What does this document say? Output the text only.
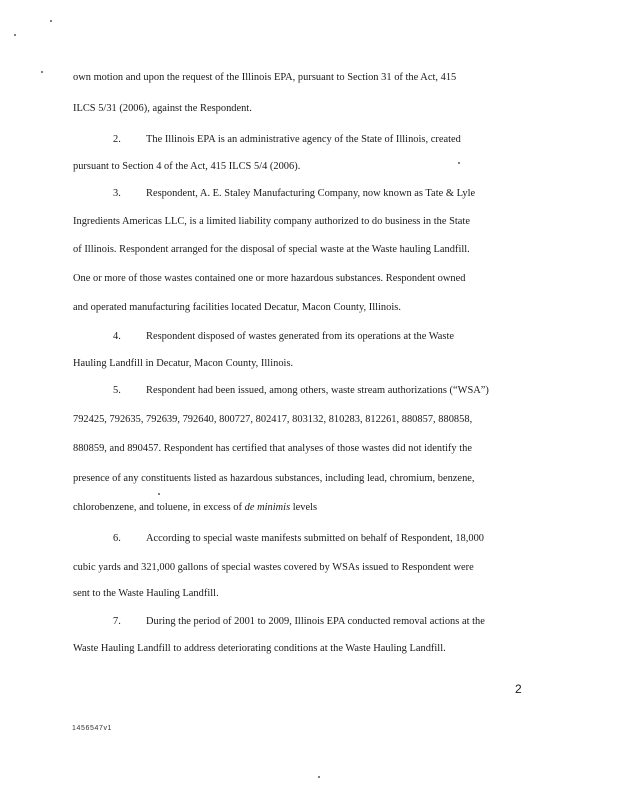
own motion and upon the request of the Illinois EPA, pursuant to Section 31 of the Act, 415
ILCS 5/31 (2006), against the Respondent.
2. The Illinois EPA is an administrative agency of the State of Illinois, created
pursuant to Section 4 of the Act, 415 ILCS 5/4 (2006).
3. Respondent, A. E. Staley Manufacturing Company, now known as Tate & Lyle
Ingredients Americas LLC, is a limited liability company authorized to do business in the State
of Illinois. Respondent arranged for the disposal of special waste at the Waste hauling Landfill.
One or more of those wastes contained one or more hazardous substances. Respondent owned
and operated manufacturing facilities located Decatur, Macon County, Illinois.
4. Respondent disposed of wastes generated from its operations at the Waste
Hauling Landfill in Decatur, Macon County, Illinois.
5. Respondent had been issued, among others, waste stream authorizations (“WSA”)
792425, 792635, 792639, 792640, 800727, 802417, 803132, 810283, 812261, 880857, 880858,
880859, and 890457. Respondent has certified that analyses of those wastes did not identify the
presence of any constituents listed as hazardous substances, including lead, chromium, benzene,
chlorobenzene, and toluene, in excess of de minimis levels
6. According to special waste manifests submitted on behalf of Respondent, 18,000
cubic yards and 321,000 gallons of special wastes covered by WSAs issued to Respondent were
sent to the Waste Hauling Landfill.
7. During the period of 2001 to 2009, Illinois EPA conducted removal actions at the
Waste Hauling Landfill to address deteriorating conditions at the Waste Hauling Landfill.
2
1456547v1
